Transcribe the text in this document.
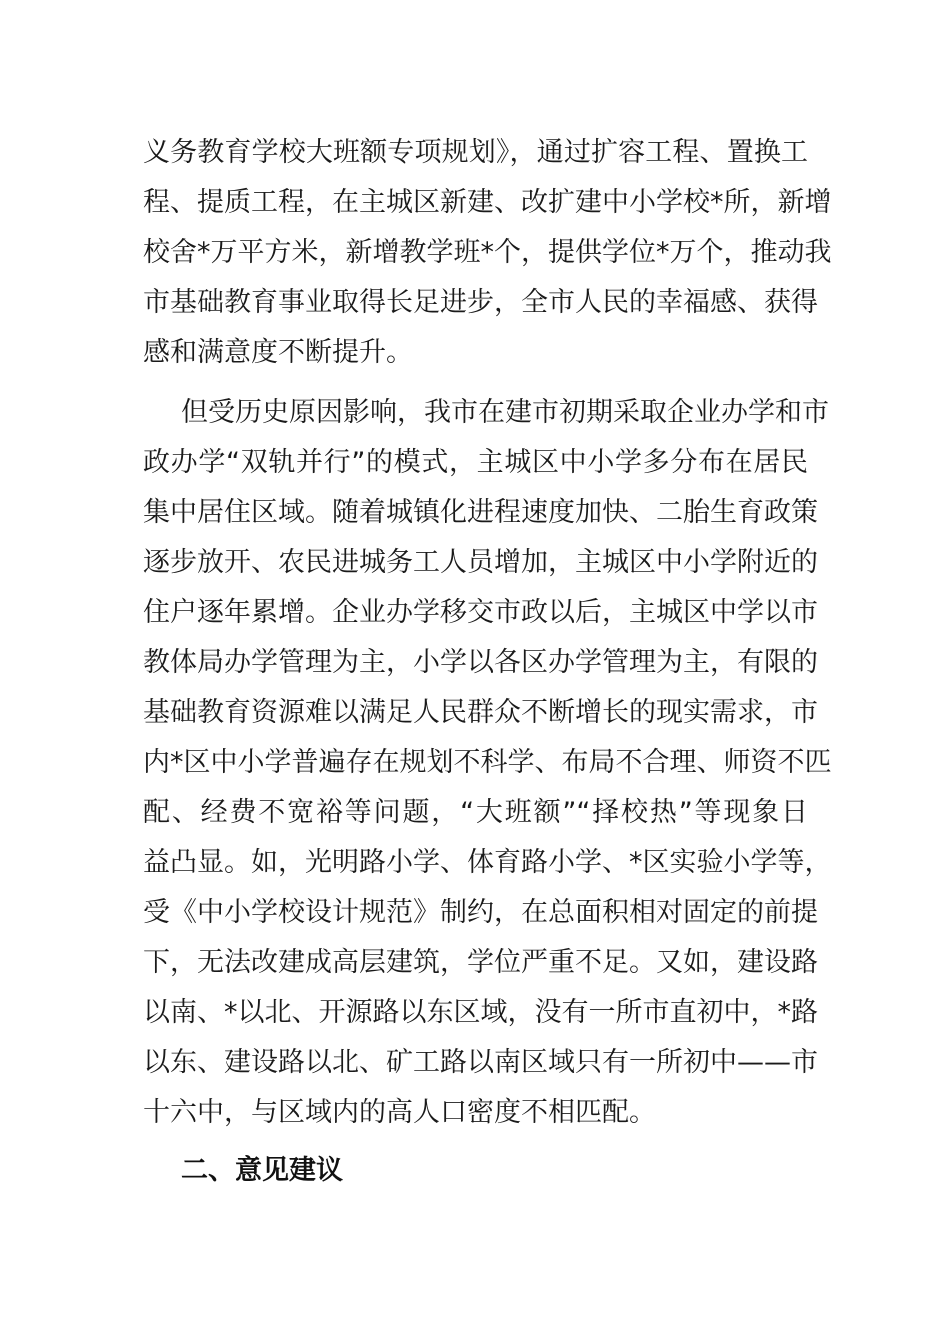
义务教育学校大班额专项规划》，通过扩容工程、置换工
程、提质工程，在主城区新建、改扩建中小学校*所，新增
校舍*万平方米，新增教学班*个，提供学位*万个，推动我
市基础教育事业取得长足进步，全市人民的幸福感、获得
感和满意度不断提升。
但受历史原因影响，我市在建市初期采取企业办学和市
政办学“双轨并行”的模式，主城区中小学多分布在居民
集中居住区域。随着城镇化进程速度加快、二胎生育政策
逐步放开、农民进城务工人员增加，主城区中小学附近的
住户逐年累增。企业办学移交市政以后，主城区中学以市
教体局办学管理为主，小学以各区办学管理为主，有限的
基础教育资源难以满足人民群众不断增长的现实需求，市
内*区中小学普遍存在规划不科学、布局不合理、师资不匹
配、经费不宽裕等问题，“大班额”“择校热”等现象日
益凸显。如，光明路小学、体育路小学、*区实验小学等，
受《中小学校设计规范》制约，在总面积相对固定的前提
下，无法改建成高层建筑，学位严重不足。又如，建设路
以南、*以北、开源路以东区域，没有一所市直初中，*路
以东、建设路以北、矿工路以南区域只有一所初中——市
十六中，与区域内的高人口密度不相匹配。
二、意见建议
